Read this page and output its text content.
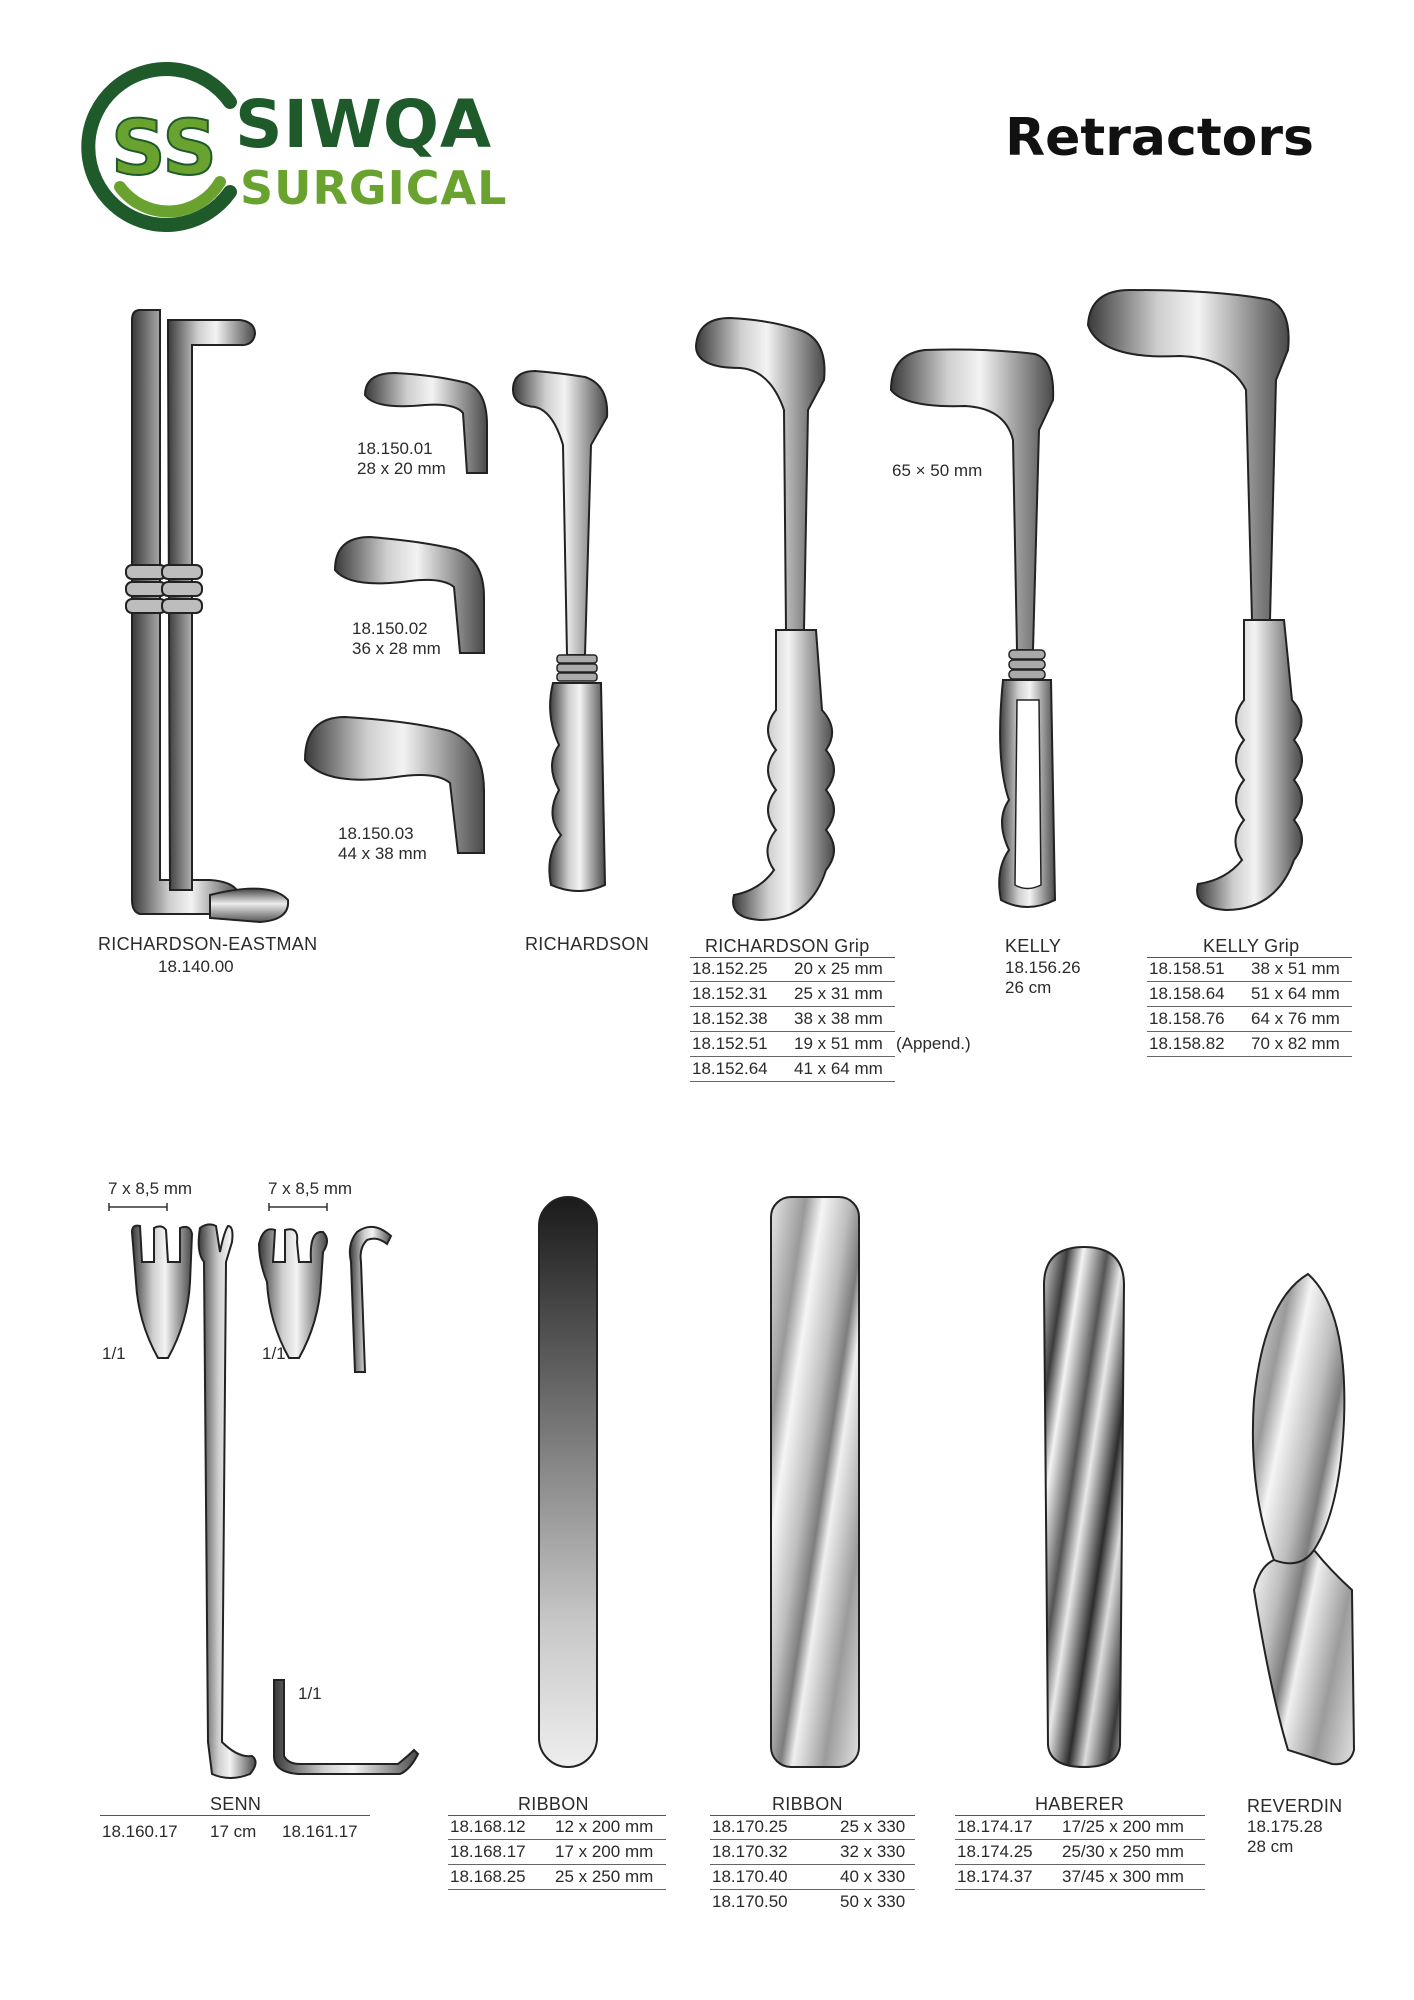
SS SIWQA
SURGICAL
Retractors
RICHARDSON-EASTMAN
18.140.00
18.150.01
28 x 20 mm
18.150.02
36 x 28 mm
18.150.03
44 x 38 mm
RICHARDSON	RICHARDSON Grip
18.152.25 20 x 25 mm
18.152.31 25 x 31 mm
18.152.38 38 x 38 mm
18.152.51 19 x 51 mm (Append.)
18.152.64 41 x 64 mm
65 × 50 mm
KELLY
18.156.26
26 cm
KELLY Grip
18.158.51 38 x 51 mm
18.158.64 51 x 64 mm
18.158.76 64 x 76 mm
18.158.82 70 x 82 mm
7 x 8,5 mm	7 x 8,5 mm
1/1	1/1
1/1
SENN
18.160.17 17 cm 18.161.17
RIBBON
18.168.12 12 x 200 mm
18.168.17 17 x 200 mm
18.168.25 25 x 250 mm
RIBBON
18.170.25	25 x 330
18.170.32	32 x 330
18.170.40	40 x 330
18.170.50	50 x 330
HABERER
18.174.17 17/25 x 200 mm
18.174.25 25/30 x 250 mm
18.174.37 37/45 x 300 mm
REVERDIN
18.175.28
28 cm
